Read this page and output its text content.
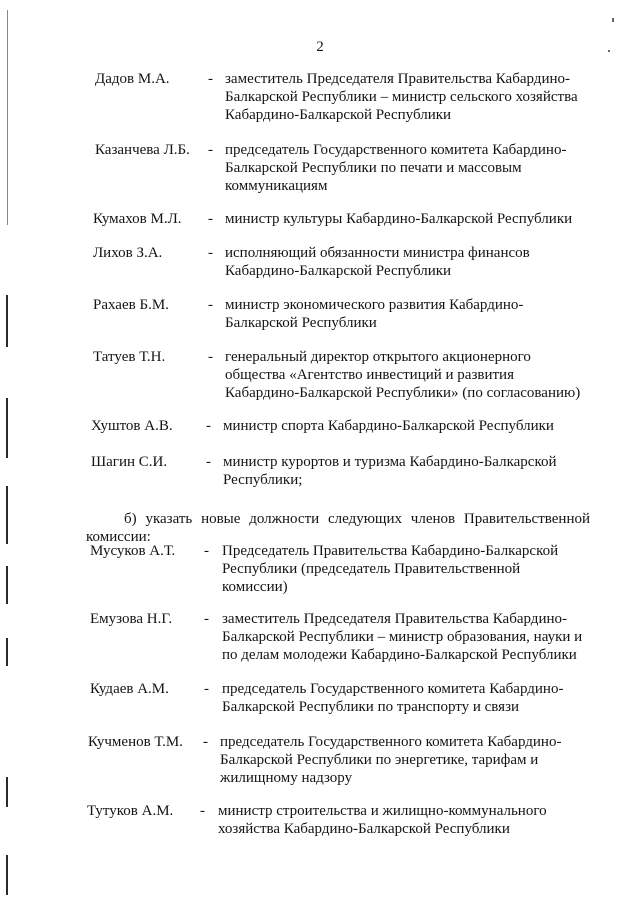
2
Дадов М.А.	- заместитель Председателя Правительства Кабардино-
Балкарской Республики – министр сельского хозяйства
Кабардино-Балкарской Республики
Казанчева Л.Б. - председатель Государственного комитета Кабардино-
Балкарской Республики по печати и массовым
коммуникациям
Кумахов М.Л. - министр культуры Кабардино-Балкарской Республики
Лихов З.А.	- исполняющий обязанности министра финансов
Кабардино-Балкарской Республики
Рахаев Б.М.	- министр экономического развития Кабардино-
Балкарской Республики
Татуев Т.Н.	- генеральный директор открытого акционерного
общества «Агентство инвестиций и развития
Кабардино-Балкарской Республики» (по согласованию)
Хуштов А.В. - министр спорта Кабардино-Балкарской Республики
Шагин С.И.	- министр курортов и туризма Кабардино-Балкарской
Республики;
б) указать новые должности следующих членов Правительственной
комиссии:
Мусуков А.Т. - Председатель Правительства Кабардино-Балкарской
Республики (председатель Правительственной
комиссии)
Емузова Н.Г. - заместитель Председателя Правительства Кабардино-
Балкарской Республики – министр образования, науки и
по делам молодежи Кабардино-Балкарской Республики
Кудаев А.М. - председатель Государственного комитета Кабардино-
Балкарской Республики по транспорту и связи
Кучменов Т.М. - председатель Государственного комитета Кабардино-
Балкарской Республики по энергетике, тарифам и
жилищному надзору
Тутуков А.М. - министр строительства и жилищно-коммунального
хозяйства Кабардино-Балкарской Республики
